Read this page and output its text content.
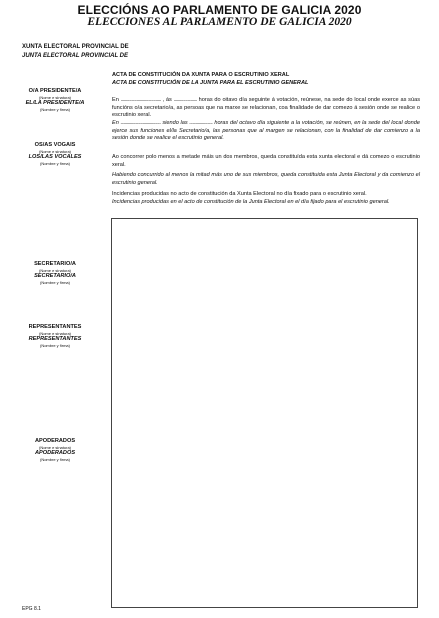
ELECCIÓNS AO PARLAMENTO DE GALICIA 2020
ELECCIONES AL PARLAMENTO DE GALICIA 2020
XUNTA ELECTORAL PROVINCIAL DE
JUNTA ELECTORAL PROVINCIAL DE
ACTA DE CONSTITUCIÓN DA XUNTA PARA O ESCRUTINIO XERAL
ACTA DE CONSTITUCIÓN DE LA JUNTA PARA EL ESCRUTINIO GENERAL
En ...................................... , ás ...................... horas do oitavo día seguinte á votación, reúnese, na sede do local onde exerce as súas funcións o/a secretario/a, as persoas que na marxe se relacionan, coa finalidade de dar comezo á sesión onde se realice o escrutinio xeral.
En ...................................... siendo las ...................... horas del octavo día siguiente a la votación, se reúnen, en la sede del local donde ejerce sus funciones el/la Secretario/a, las personas que al margen se relacionan, con la finalidad de dar comienzo a la sesión donde se realice el escrutinio general.
Ao concorrer polo menos a metade máis un dos membros, queda constituída esta xunta electoral e dá comezo o escrutinio xeral.
Habiendo concurrido al menos la mitad más uno de sus miembros, queda constituida esta Junta Electoral y da comienzo el escrutinio general.
Incidencias producidas no acto de constitución da Xunta Electoral no día fixado para o escrutinio xeral.
Incidencias producidas en el acto de constitución de la Junta Electoral en el día fijado para el escrutinio general.
O/A PRESIDENTE/A
(Nome e sinatura)
EL/LA PRESIDENTE/A
(Nombre y firma)
OS/AS VOGAIS
(Nome e sinatura)
LOS/LAS VOCALES
(Nombre y firma)
SECRETARIO/A
(Nome e sinatura)
SECRETARIO/A
(Nombre y firma)
REPRESENTANTES
(Nome e sinatura)
REPRESENTANTES
(Nombre y firma)
APODERADOS
(Nome e sinatura)
APODERADOS
(Nombre y firma)
EPG 8.1
